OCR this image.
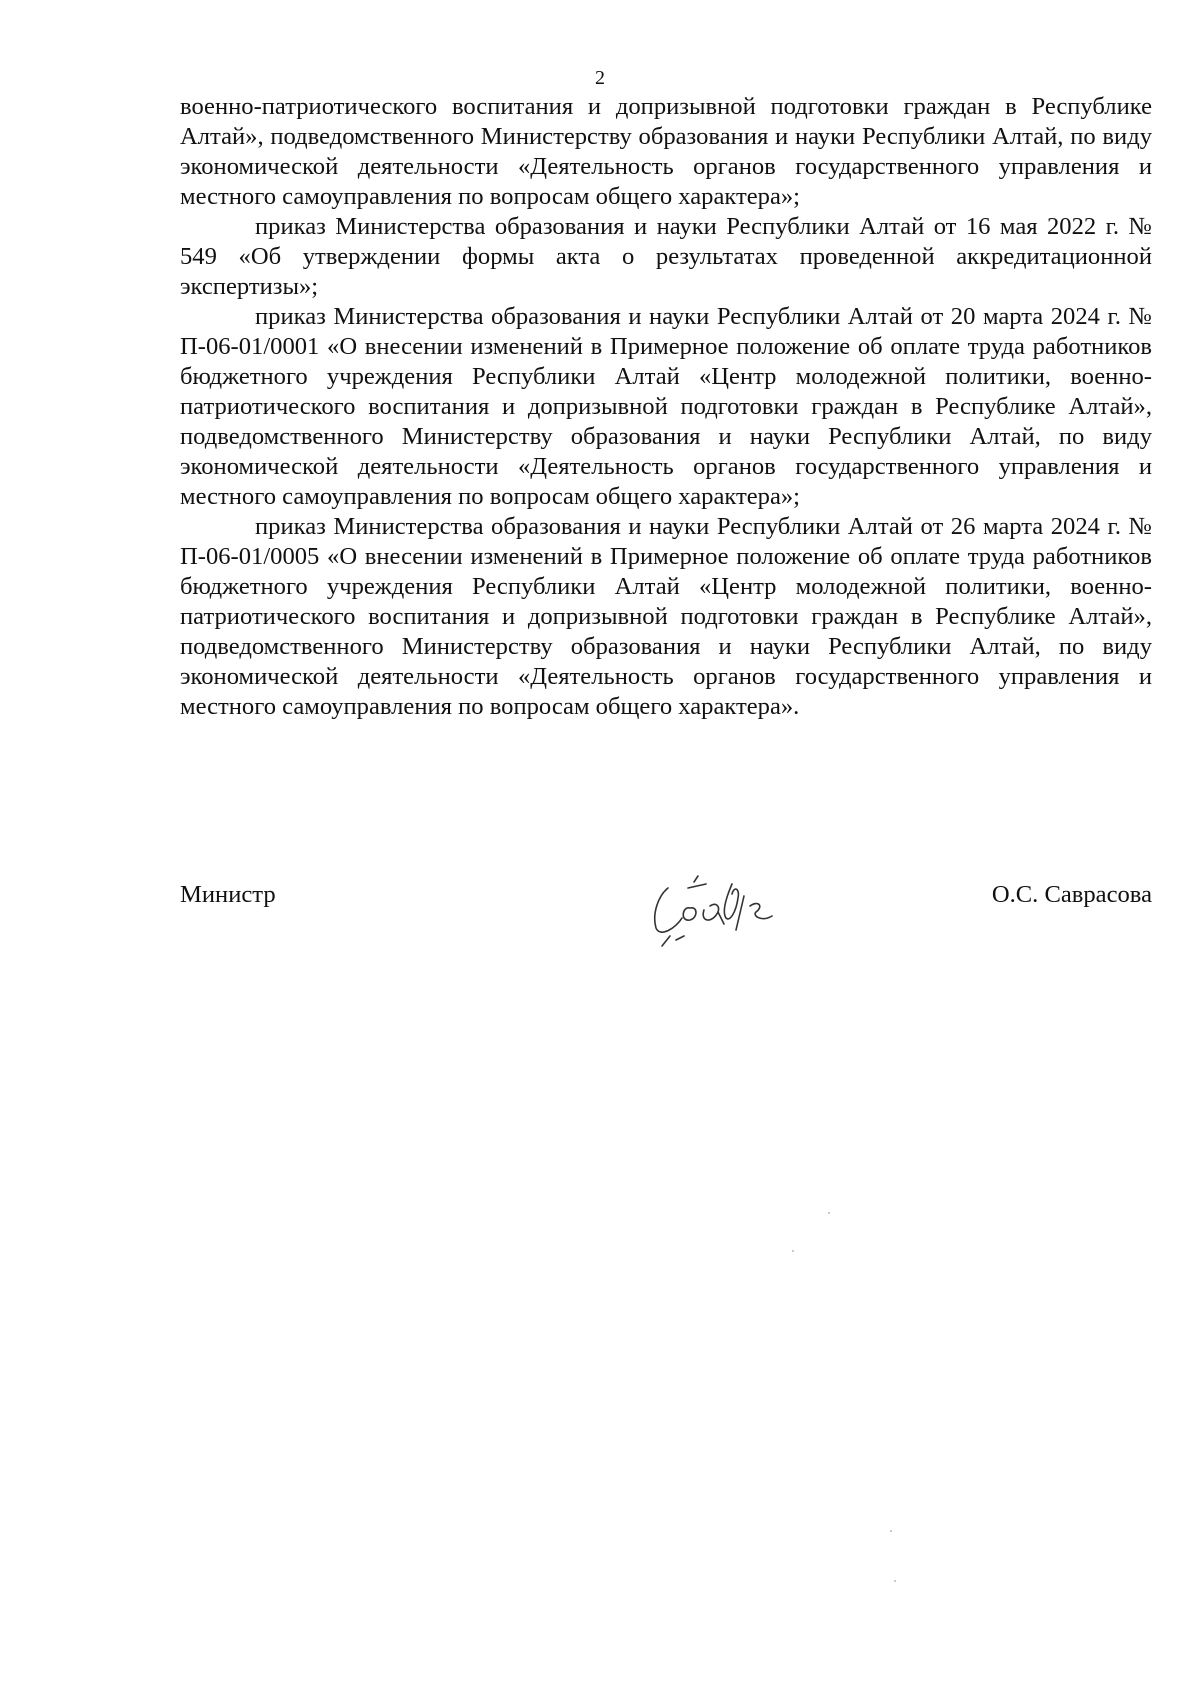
2

военно-патриотического воспитания и допризывной подготовки граждан в Республике Алтай», подведомственного Министерству образования и науки Республики Алтай, по виду экономической деятельности «Деятельность органов государственного управления и местного самоуправления по вопросам общего характера»;

приказ Министерства образования и науки Республики Алтай от 16 мая 2022 г. № 549 «Об утверждении формы акта о результатах проведенной аккредитационной экспертизы»;

приказ Министерства образования и науки Республики Алтай от 20 марта 2024 г. № П-06-01/0001 «О внесении изменений в Примерное положение об оплате труда работников бюджетного учреждения Республики Алтай «Центр молодежной политики, военно-патриотического воспитания и допризывной подготовки граждан в Республике Алтай», подведомственного Министерству образования и науки Республики Алтай, по виду экономической деятельности «Деятельность органов государственного управления и местного самоуправления по вопросам общего характера»;

приказ Министерства образования и науки Республики Алтай от 26 марта 2024 г. № П-06-01/0005 «О внесении изменений в Примерное положение об оплате труда работников бюджетного учреждения Республики Алтай «Центр молодежной политики, военно-патриотического воспитания и допризывной подготовки граждан в Республике Алтай», подведомственного Министерству образования и науки Республики Алтай, по виду экономической деятельности «Деятельность органов государственного управления и местного самоуправления по вопросам общего характера».

Министр	О.С. Саврасова
